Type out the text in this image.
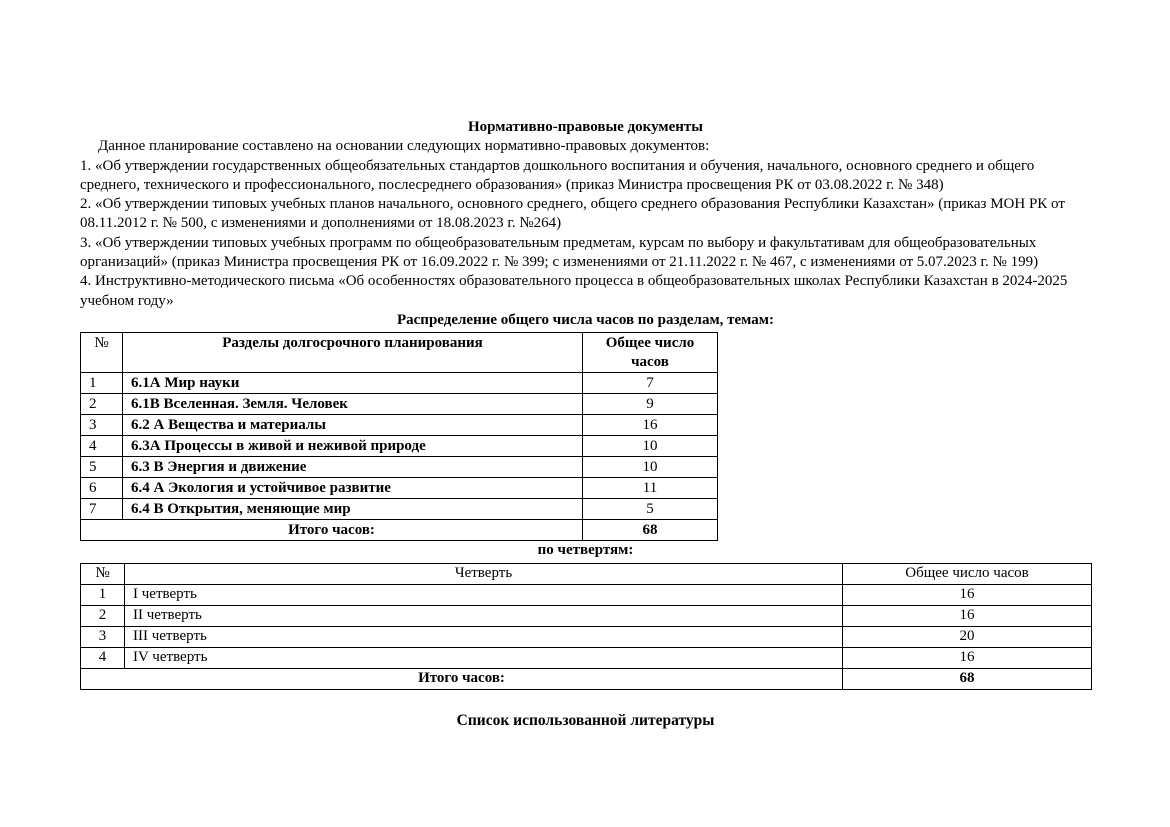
Нормативно-правовые документы

Данное планирование составлено на основании следующих нормативно-правовых документов:

1. «Об утверждении государственных общеобязательных стандартов дошкольного воспитания и обучения, начального, основного среднего и общего среднего, технического и профессионального, послесреднего образования» (приказ Министра просвещения РК от 03.08.2022 г. № 348)
2. «Об утверждении типовых учебных планов начального, основного среднего, общего среднего образования Республики Казахстан» (приказ МОН РК от 08.11.2012 г. № 500, с изменениями и дополнениями от 18.08.2023 г. №264)
3. «Об утверждении типовых учебных программ по общеобразовательным предметам, курсам по выбору и факультативам для общеобразовательных организаций» (приказ Министра просвещения РК от 16.09.2022 г. № 399; с изменениями от 21.11.2022 г. № 467, с изменениями от 5.07.2023 г. № 199)
4. Инструктивно-методического письма «Об особенностях образовательного процесса в общеобразовательных школах Республики Казахстан в 2024-2025 учебном году»

Распределение общего числа часов по разделам, темам:

№	Разделы долгосрочного планирования	Общее число часов
1	6.1А Мир науки	7
2	6.1В Вселенная. Земля. Человек	9
3	6.2 А Вещества и материалы	16
4	6.3А Процессы в живой и неживой природе	10
5	6.3 В Энергия и движение	10
6	6.4 А Экология и устойчивое развитие	11
7	6.4 В Открытия, меняющие мир	5
Итого часов:		68

по четвертям:

№	Четверть	Общее число часов
1	I четверть	16
2	II четверть	16
3	III четверть	20
4	IV четверть	16
Итого часов:		68

Список использованной литературы
